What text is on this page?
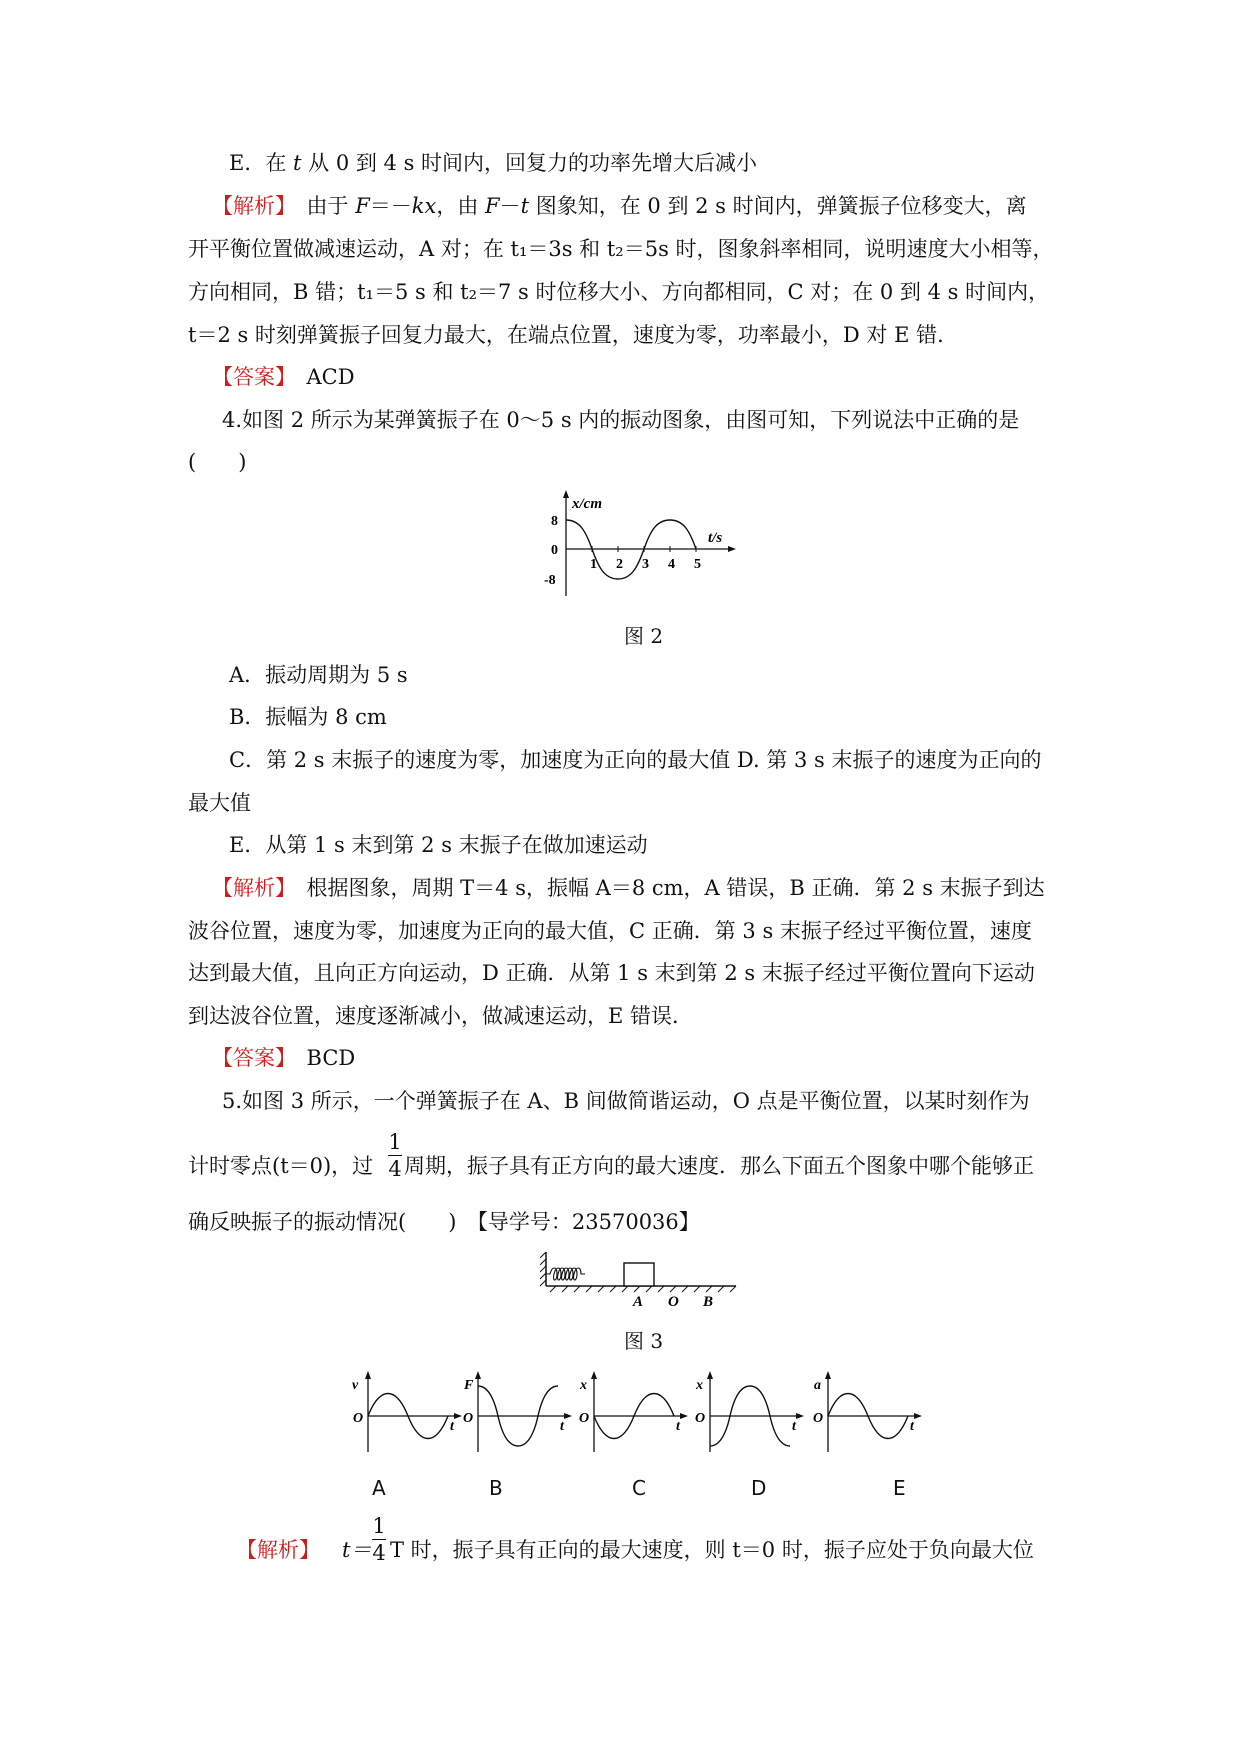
E．在 t 从 0 到 4 s 时间内，回复力的功率先增大后减小
【解析】　 由于 F＝－kx，由 F－t 图象知，在 0 到 2 s 时间内，弹簧振子位移变大，离
开平衡位置做减速运动，A 对；在 t₁＝3s 和 t₂＝5s 时，图象斜率相同，说明速度大小相等，
方向相同，B 错；t₁＝5 s 和 t₂＝7 s 时位移大小、方向都相同，C 对；在 0 到 4 s 时间内，
t＝2 s 时刻弹簧振子回复力最大，在端点位置，速度为零，功率最小，D 对 E 错．
【答案】　 ACD
4.如图 2 所示为某弹簧振子在 0～5 s 内的振动图象，由图可知，下列说法中正确的是
(　　)
x/cm
t/s
8
0
-8
1 2 3 4 5
图 2
A．振动周期为 5 s
B．振幅为 8 cm
C．第 2 s 末振子的速度为零，加速度为正向的最大值 D. 第 3 s 末振子的速度为正向的
最大值
E．从第 1 s 末到第 2 s 末振子在做加速运动
【解析】　 根据图象，周期 T＝4 s，振幅 A＝8 cm，A 错误，B 正确．第 2 s 末振子到达
波谷位置，速度为零，加速度为正向的最大值，C 正确．第 3 s 末振子经过平衡位置，速度
达到最大值，且向正方向运动，D 正确．从第 1 s 末到第 2 s 末振子经过平衡位置向下运动
到达波谷位置，速度逐渐减小，做减速运动，E 错误．
【答案】　 BCD
5.如图 3 所示，一个弹簧振子在 A、B 间做简谐运动，O 点是平衡位置，以某时刻作为
计时零点(t＝0)，过
1
4 周期，振子具有正方向的最大速度．那么下面五个图象中哪个能够正
确反映振子的振动情况(　　)　【导学号：23570036】
A O B
图 3
v
O
t
F
O
t
x
O
t
x
O
t
a
O
t
A	B	C	D	E
【解析】 t＝
1
4 T 时，振子具有正向的最大速度，则 t＝0 时，振子应处于负向最大位
